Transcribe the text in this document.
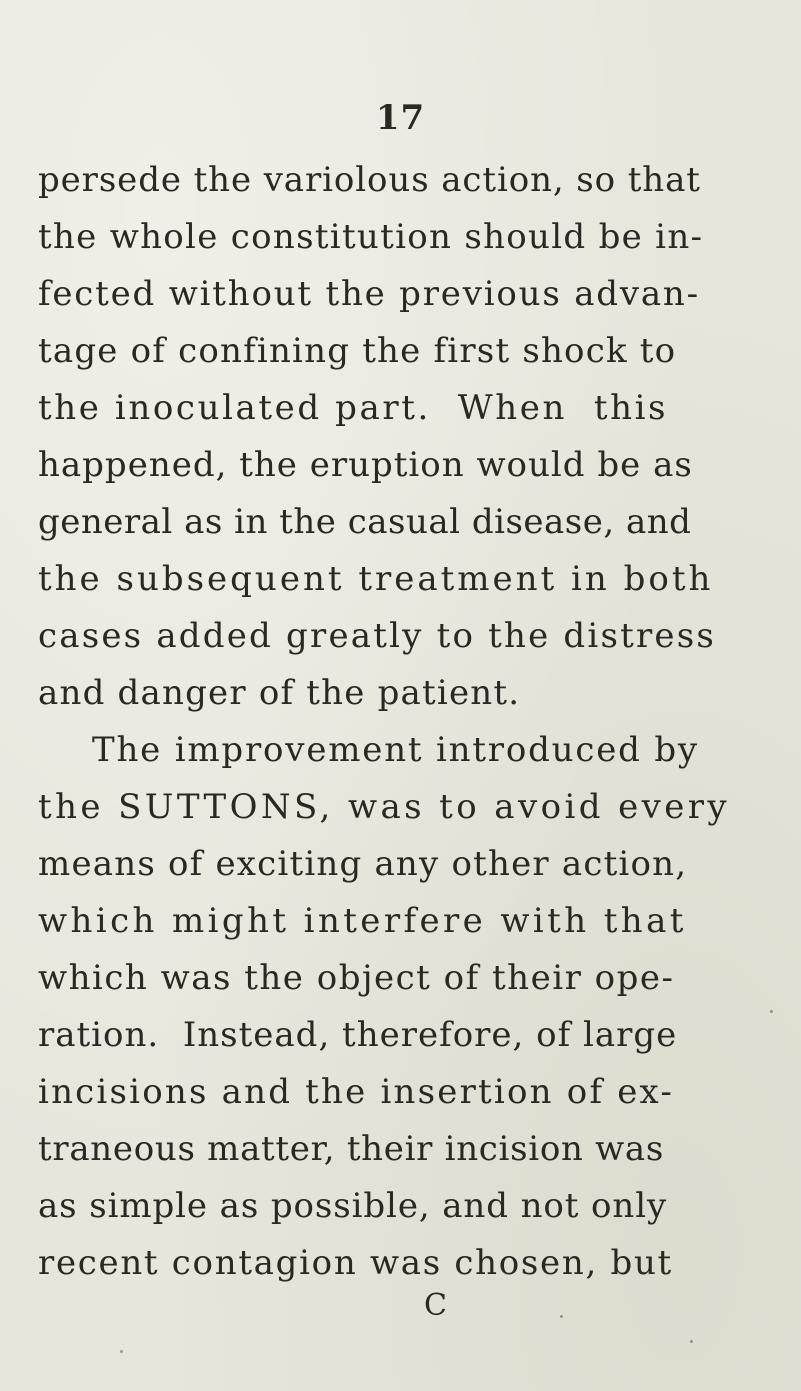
17
persede the variolous action, so that
the whole constitution should be in-
fected without the previous advan-
tage of confining the first shock to
the inoculated part.  When  this
happened, the eruption would be as
general as in the casual disease, and
the subsequent treatment in both
cases added greatly to the distress
and danger of the patient.
The improvement introduced by
the SUTTONS, was to avoid every
means of exciting any other action,
which might interfere with that
which was the object of their ope-
ration.  Instead, therefore, of large
incisions and the insertion of ex-
traneous matter, their incision was
as simple as possible, and not only
recent contagion was chosen, but
C
